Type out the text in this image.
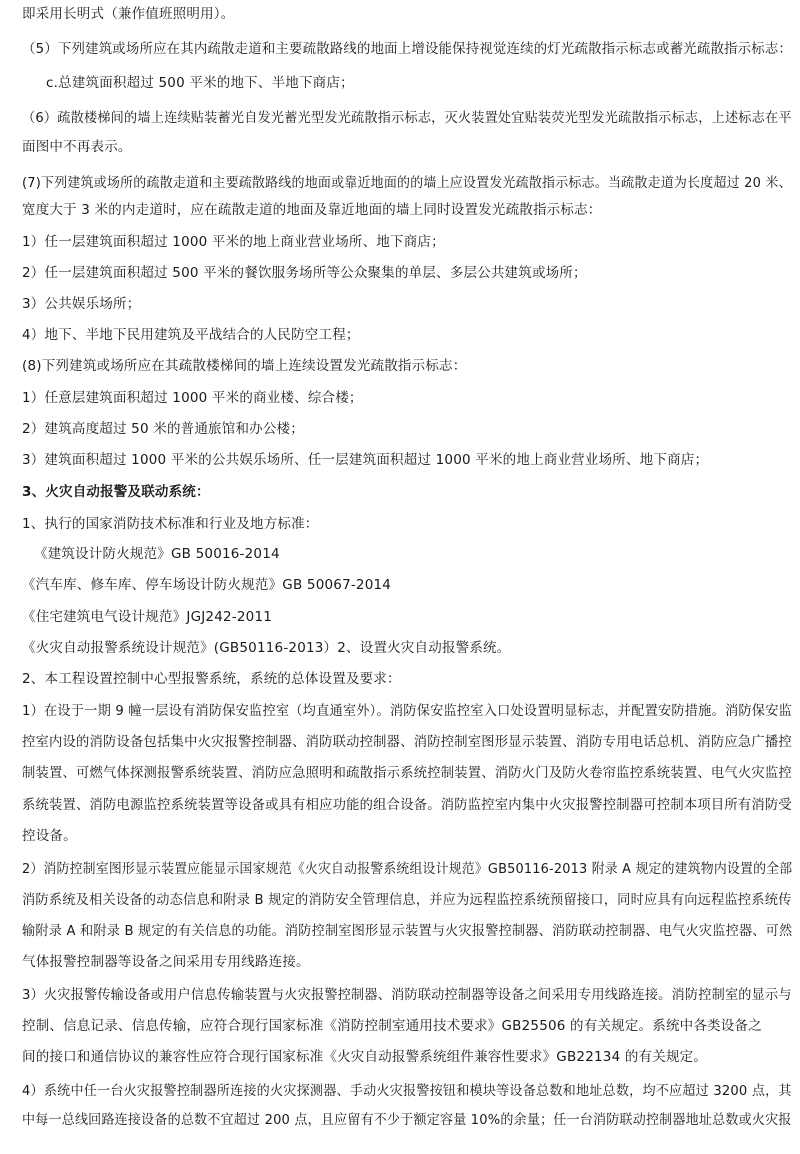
即采用长明式（兼作值班照明用）。
（5）下列建筑或场所应在其内疏散走道和主要疏散路线的地面上增设能保持视觉连续的灯光疏散指示标志或蓄光疏散指示标志：
c.总建筑面积超过 500 平米的地下、半地下商店；
（6）疏散楼梯间的墙上连续贴装蓄光自发光蓄光型发光疏散指示标志，灭火装置处宜贴装荧光型发光疏散指示标志，上述标志在平
面图中不再表示。
(7)下列建筑或场所的疏散走道和主要疏散路线的地面或靠近地面的的墙上应设置发光疏散指示标志。当疏散走道为长度超过 20 米、
宽度大于 3 米的内走道时，应在疏散走道的地面及靠近地面的墙上同时设置发光疏散指示标志：
1）任一层建筑面积超过 1000 平米的地上商业营业场所、地下商店；
2）任一层建筑面积超过 500 平米的餐饮服务场所等公众聚集的单层、多层公共建筑或场所；
3）公共娱乐场所；
4）地下、半地下民用建筑及平战结合的人民防空工程；
(8)下列建筑或场所应在其疏散楼梯间的墙上连续设置发光疏散指示标志：
1）任意层建筑面积超过 1000 平米的商业楼、综合楼；
2）建筑高度超过 50 米的普通旅馆和办公楼；
3）建筑面积超过 1000 平米的公共娱乐场所、任一层建筑面积超过 1000 平米的地上商业营业场所、地下商店；
3、火灾自动报警及联动系统：
1、执行的国家消防技术标准和行业及地方标准：
《建筑设计防火规范》GB 50016-2014
《汽车库、修车库、停车场设计防火规范》GB 50067-2014
《住宅建筑电气设计规范》JGJ242-2011
《火灾自动报警系统设计规范》(GB50116-2013）2、设置火灾自动报警系统。
2、本工程设置控制中心型报警系统，系统的总体设置及要求：
1）在设于一期 9 幢一层设有消防保安监控室（均直通室外）。消防保安监控室入口处设置明显标志，并配置安防措施。消防保安监
控室内设的消防设备包括集中火灾报警控制器、消防联动控制器、消防控制室图形显示装置、消防专用电话总机、消防应急广播控
制装置、可燃气体探测报警系统装置、消防应急照明和疏散指示系统控制装置、消防火门及防火卷帘监控系统装置、电气火灾监控
系统装置、消防电源监控系统装置等设备或具有相应功能的组合设备。消防监控室内集中火灾报警控制器可控制本项目所有消防受
控设备。
2）消防控制室图形显示装置应能显示国家规范《火灾自动报警系统组设计规范》GB50116-2013 附录 A 规定的建筑物内设置的全部
消防系统及相关设备的动态信息和附录 B 规定的消防安全管理信息，并应为远程监控系统预留接口，同时应具有向远程监控系统传
输附录 A 和附录 B 规定的有关信息的功能。消防控制室图形显示装置与火灾报警控制器、消防联动控制器、电气火灾监控器、可然
气体报警控制器等设备之间采用专用线路连接。
3）火灾报警传输设备或用户信息传输装置与火灾报警控制器、消防联动控制器等设备之间采用专用线路连接。消防控制室的显示与
控制、信息记录、信息传输，应符合现行国家标准《消防控制室通用技术要求》GB25506 的有关规定。系统中各类设备之
间的接口和通信协议的兼容性应符合现行国家标准《火灾自动报警系统组件兼容性要求》GB22134 的有关规定。
4）系统中任一台火灾报警控制器所连接的火灾探测器、手动火灾报警按钮和模块等设备总数和地址总数，均不应超过 3200 点，其
中每一总线回路连接设备的总数不宜超过 200 点，且应留有不少于额定容量 10%的余量；任一台消防联动控制器地址总数或火灾报
